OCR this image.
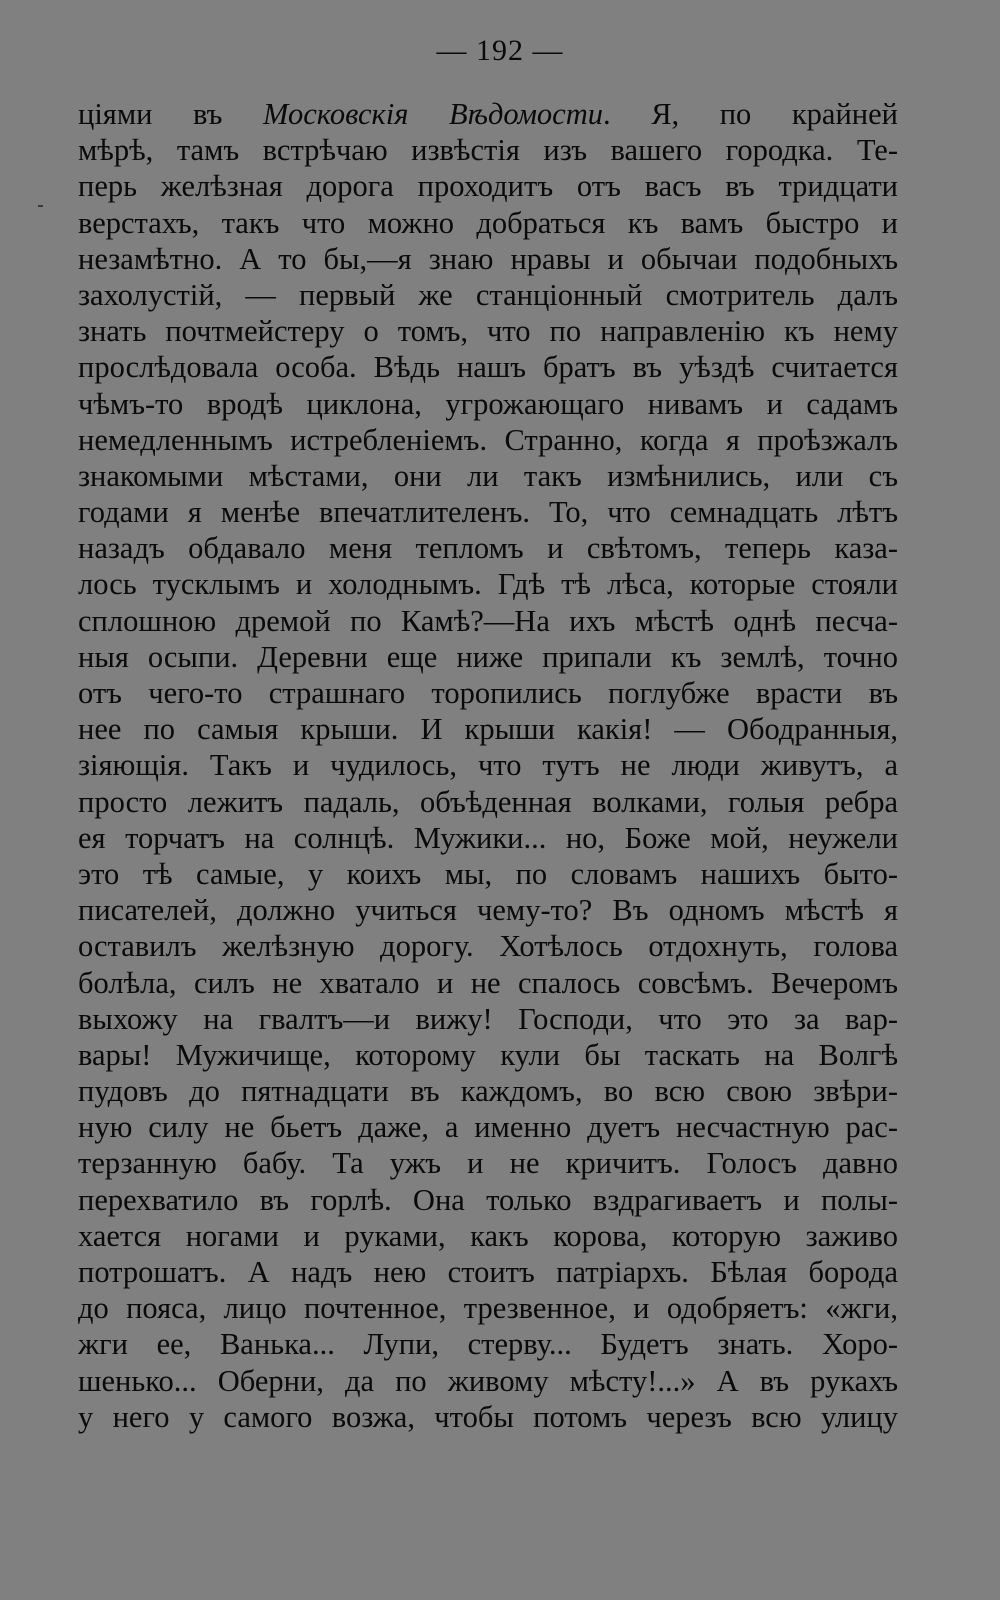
— 192 —
ціями въ Московскія Вѣдомости. Я, по крайней
мѣрѣ, тамъ встрѣчаю извѣстія изъ вашего городка. Те-
перь желѣзная дорога проходитъ отъ васъ въ тридцати
верстахъ, такъ что можно добраться къ вамъ быстро и
незамѣтно. А то бы,—я знаю нравы и обычаи подобныхъ
захолустій, — первый же станціонный смотритель далъ
знать почтмейстеру о томъ, что по направленію къ нему
прослѣдовала особа. Вѣдь нашъ братъ въ уѣздѣ считается
чѣмъ-то вродѣ циклона, угрожающаго нивамъ и садамъ
немедленнымъ истребленіемъ. Странно, когда я проѣзжалъ
знакомыми мѣстами, они ли такъ измѣнились, или съ
годами я менѣе впечатлителенъ. То, что семнадцать лѣтъ
назадъ обдавало меня тепломъ и свѣтомъ, теперь каза-
лось тусклымъ и холоднымъ. Гдѣ тѣ лѣса, которые стояли
сплошною дремой по Камѣ?—На ихъ мѣстѣ однѣ песча-
ныя осыпи. Деревни еще ниже припали къ землѣ, точно
отъ чего-то страшнаго торопились поглубже врасти въ
нее по самыя крыши. И крыши какія! — Ободранныя,
зіяющія. Такъ и чудилось, что тутъ не люди живутъ, а
просто лежитъ падаль, объѣденная волками, голыя ребра
ея торчатъ на солнцѣ. Мужики... но, Боже мой, неужели
это тѣ самые, у коихъ мы, по словамъ нашихъ быто-
писателей, должно учиться чему-то? Въ одномъ мѣстѣ я
оставилъ желѣзную дорогу. Хотѣлось отдохнуть, голова
болѣла, силъ не хватало и не спалось совсѣмъ. Вечеромъ
выхожу на гвалтъ—и вижу! Господи, что это за вар-
вары! Мужичище, которому кули бы таскать на Волгѣ
пудовъ до пятнадцати въ каждомъ, во всю свою звѣри-
ную силу не бьетъ даже, а именно дуетъ несчастную рас-
терзанную бабу. Та ужъ и не кричитъ. Голосъ давно
перехватило въ горлѣ. Она только вздрагиваетъ и полы-
хается ногами и руками, какъ корова, которую заживо
потрошатъ. А надъ нею стоитъ патріархъ. Бѣлая борода
до пояса, лицо почтенное, трезвенное, и одобряетъ: «жги,
жги ее, Ванька... Лупи, стерву... Будетъ знать. Хоро-
шенько... Оберни, да по живому мѣсту!...» А въ рукахъ
у него у самого возжа, чтобы потомъ черезъ всю улицу
